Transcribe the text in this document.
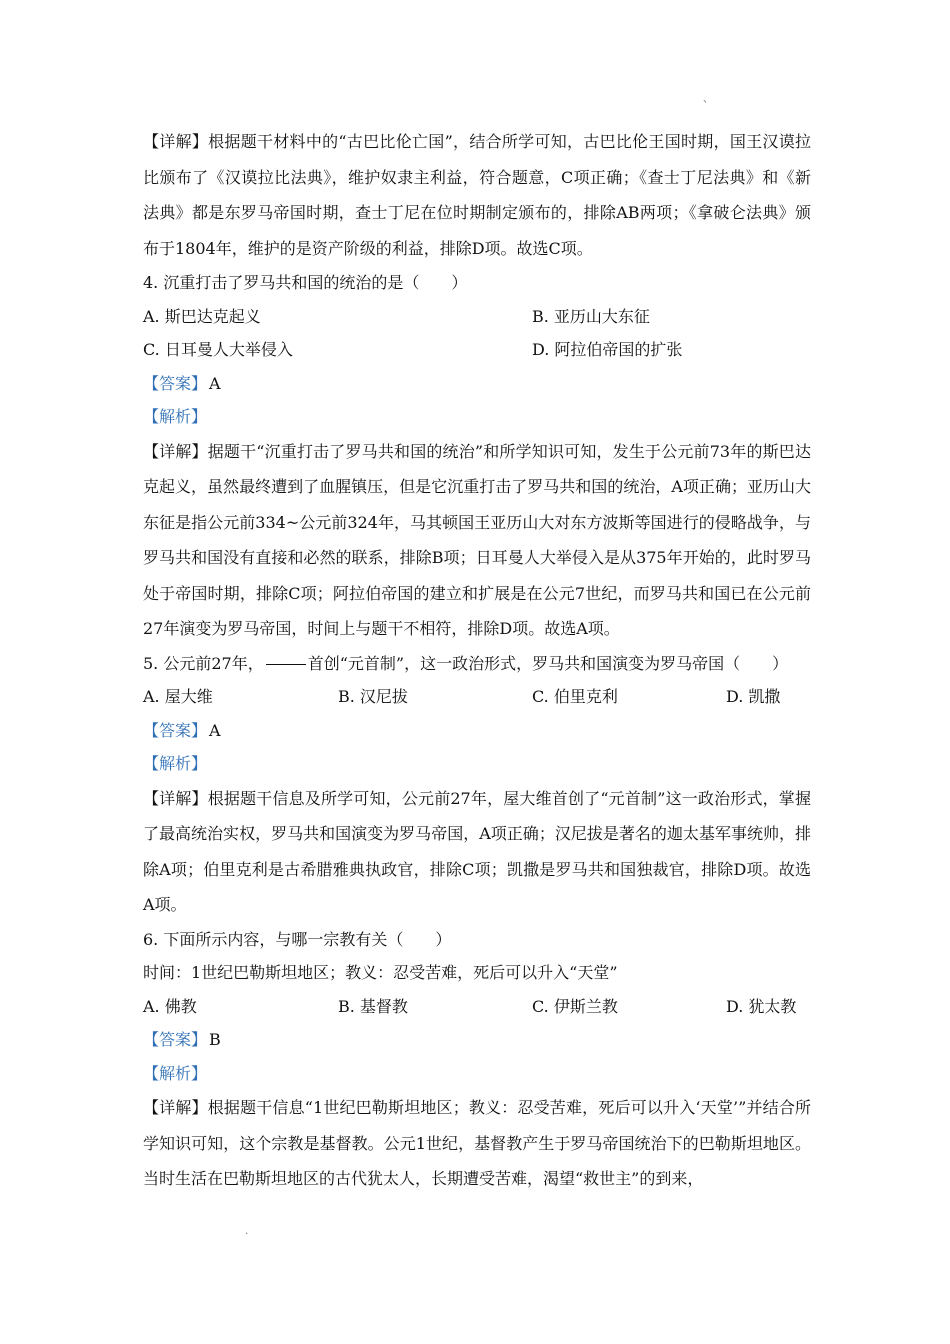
、

【详解】根据题干材料中的“古巴比伦亡国”，结合所学可知，古巴比伦王国时期，国王汉谟拉比颁布了《汉谟拉比法典》，维护奴隶主利益，符合题意，C项正确；《查士丁尼法典》和《新法典》都是东罗马帝国时期，查士丁尼在位时期制定颁布的，排除AB两项；《拿破仑法典》颁布于1804年，维护的是资产阶级的利益，排除D项。故选C项。

4. 沉重打击了罗马共和国的统治的是（　　）

A. 斯巴达克起义	B. 亚历山大东征
C. 日耳曼人大举侵入	D. 阿拉伯帝国的扩张
【答案】 A
【解析】

【详解】据题干“沉重打击了罗马共和国的统治”和所学知识可知，发生于公元前73年的斯巴达克起义，虽然最终遭到了血腥镇压，但是它沉重打击了罗马共和国的统治，A项正确；亚历山大东征是指公元前334~公元前324年，马其顿国王亚历山大对东方波斯等国进行的侵略战争，与罗马共和国没有直接和必然的联系，排除B项；日耳曼人大举侵入是从375年开始的，此时罗马处于帝国时期，排除C项；阿拉伯帝国的建立和扩展是在公元7世纪，而罗马共和国已在公元前27年演变为罗马帝国，时间上与题干不相符，排除D项。故选A项。

5. 公元前27年，	首创“元首制”，这一政治形式，罗马共和国演变为罗马帝国（　　）

A. 屋大维	B. 汉尼拔	C. 伯里克利	D. 凯撒
【答案】 A
【解析】

【详解】根据题干信息及所学可知，公元前27年，屋大维首创了“元首制”这一政治形式，掌握了最高统治实权，罗马共和国演变为罗马帝国，A项正确；汉尼拔是著名的迦太基军事统帅，排除A项；伯里克利是古希腊雅典执政官，排除C项；凯撒是罗马共和国独裁官，排除D项。故选A项。

6. 下面所示内容，与哪一宗教有关（　　）

时间：1世纪巴勒斯坦地区；教义：忍受苦难，死后可以升入“天堂”

A. 佛教	B. 基督教	C. 伊斯兰教	D. 犹太教
【答案】 B
【解析】

【详解】根据题干信息“1世纪巴勒斯坦地区；教义：忍受苦难，死后可以升入‘天堂’”并结合所学知识可知，这个宗教是基督教。公元1世纪，基督教产生于罗马帝国统治下的巴勒斯坦地区。当时生活在巴勒斯坦地区的古代犹太人，长期遭受苦难，渴望“救世主”的到来，

.
